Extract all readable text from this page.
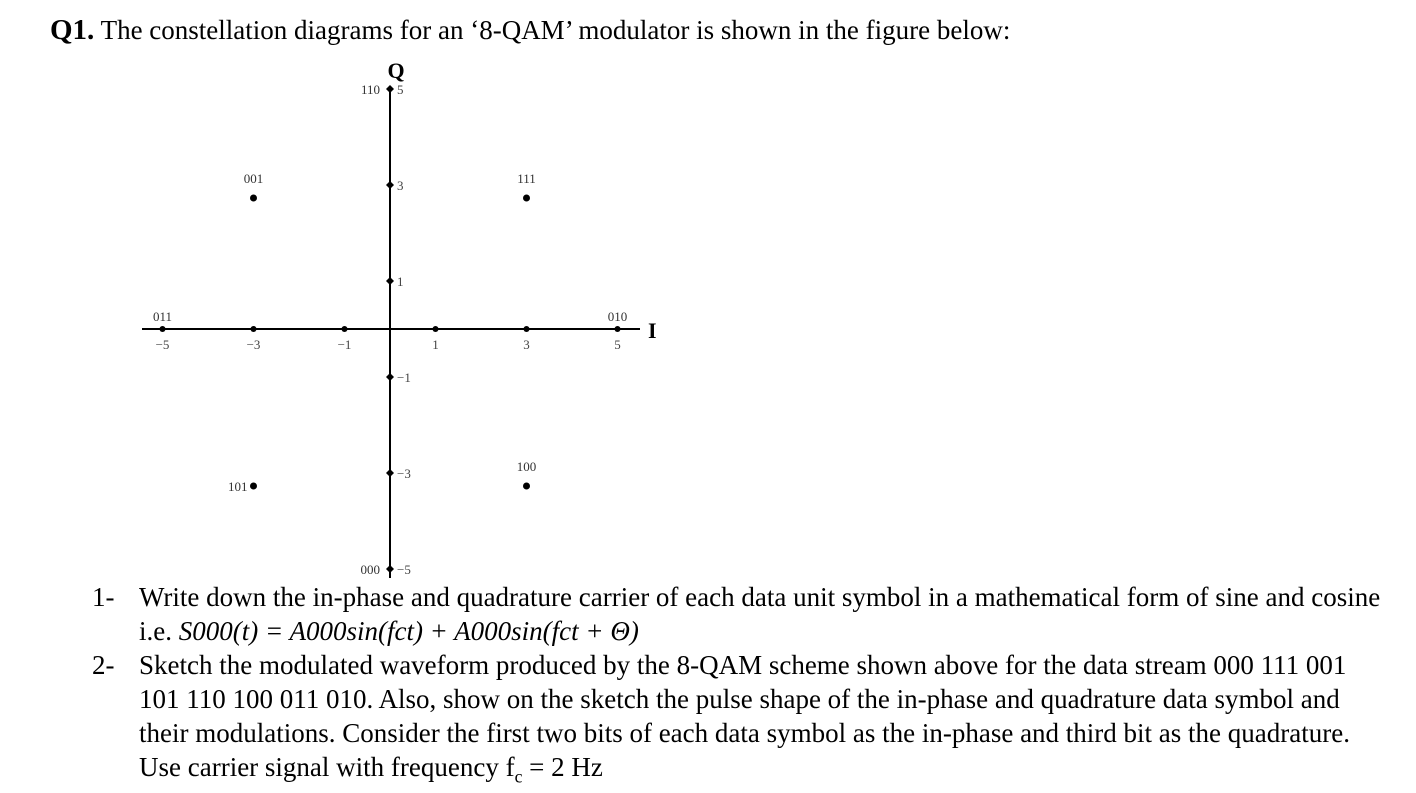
Q1. The constellation diagrams for an ‘8-QAM’ modulator is shown in the figure below:
Q
I
−5	−3	−1	1	3	5
5
3
1
−1
−3
−5
110
001	111
011	010
101
100
000

1- Write down the in-phase and quadrature carrier of each data unit symbol in a mathematical form of sine and cosine i.e. S000(t) = A000sin(fct) + A000sin(fct + Θ)

2- Sketch the modulated waveform produced by the 8-QAM scheme shown above for the data stream 000 111 001 101 110 100 011 010. Also, show on the sketch the pulse shape of the in-phase and quadrature data symbol and their modulations. Consider the first two bits of each data symbol as the in-phase and third bit as the quadrature. Use carrier signal with frequency $f_c = 2$ Hz
